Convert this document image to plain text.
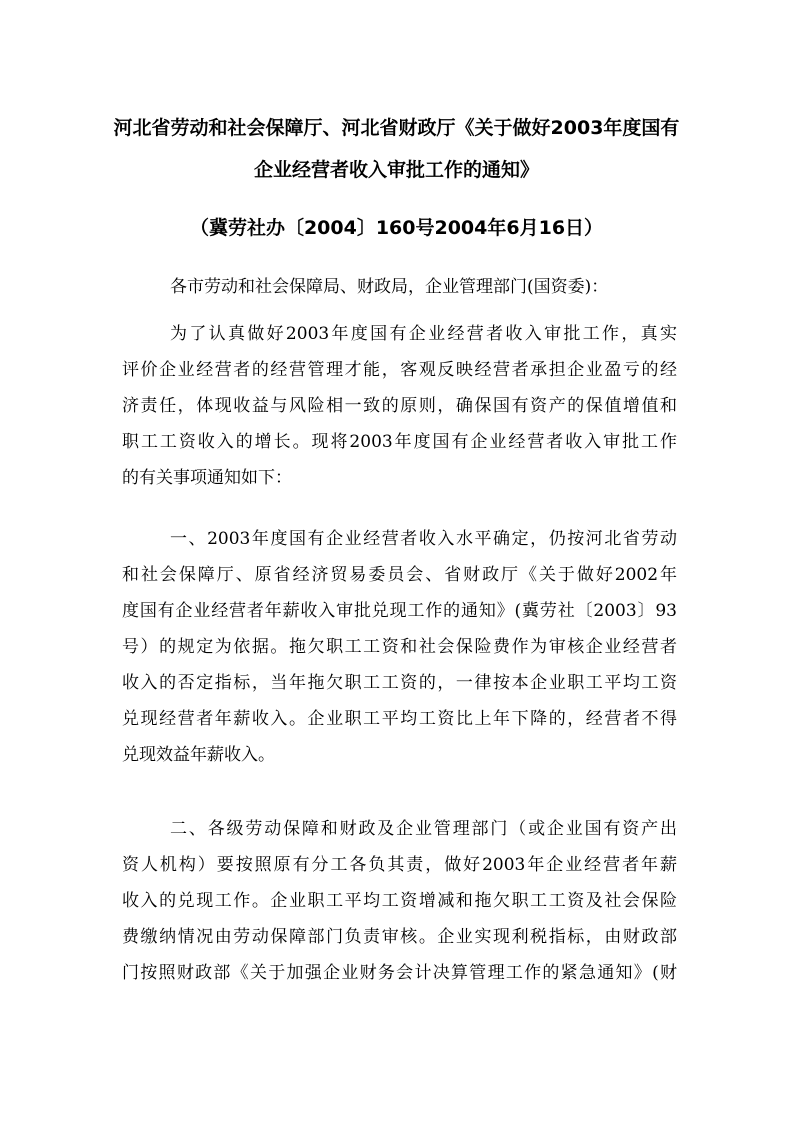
河北省劳动和社会保障厅、河北省财政厅《关于做好2003年度国有
企业经营者收入审批工作的通知》
（冀劳社办〔2004〕160号2004年6月16日）
各市劳动和社会保障局、财政局，企业管理部门(国资委)：
为了认真做好2003年度国有企业经营者收入审批工作，真实
评价企业经营者的经营管理才能，客观反映经营者承担企业盈亏的经
济责任，体现收益与风险相一致的原则，确保国有资产的保值增值和
职工工资收入的增长。现将2003年度国有企业经营者收入审批工作
的有关事项通知如下：
一、2003年度国有企业经营者收入水平确定，仍按河北省劳动
和社会保障厅、原省经济贸易委员会、省财政厅《关于做好2002年
度国有企业经营者年薪收入审批兑现工作的通知》(冀劳社〔2003〕93
号）的规定为依据。拖欠职工工资和社会保险费作为审核企业经营者
收入的否定指标，当年拖欠职工工资的，一律按本企业职工平均工资
兑现经营者年薪收入。企业职工平均工资比上年下降的，经营者不得
兑现效益年薪收入。
二、各级劳动保障和财政及企业管理部门（或企业国有资产出
资人机构）要按照原有分工各负其责，做好2003年企业经营者年薪
收入的兑现工作。企业职工平均工资增减和拖欠职工工资及社会保险
费缴纳情况由劳动保障部门负责审核。企业实现利税指标，由财政部
门按照财政部《关于加强企业财务会计决算管理工作的紧急通知》(财
